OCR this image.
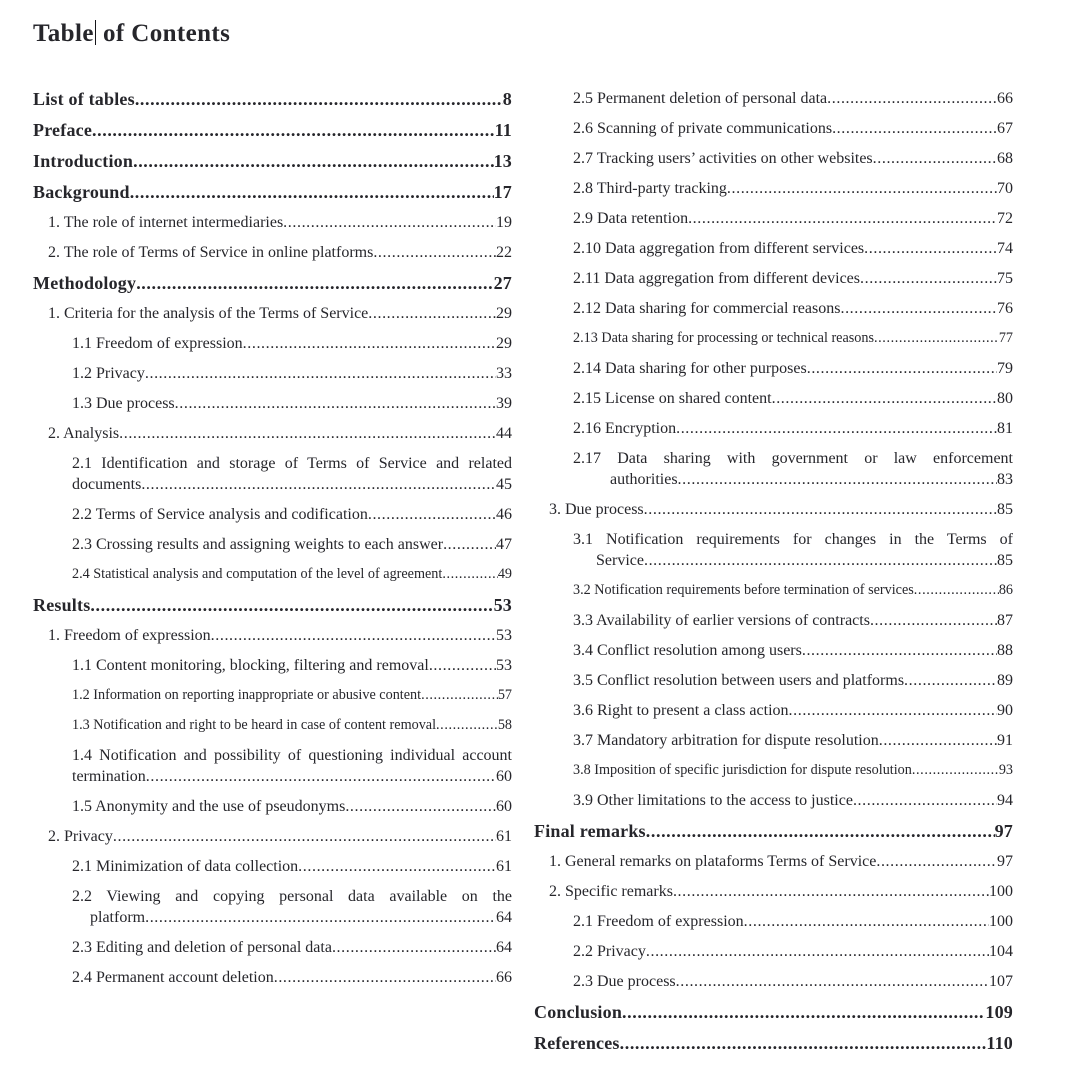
Table of Contents
List of tables .....	8
Preface .....	11
Introduction .....	13
Background .....	17
1. The role of internet intermediaries .....	19
2. The role of Terms of Service in online platforms .....	22
Methodology .....	27
1. Criteria for the analysis of the Terms of Service .....	29
1.1 Freedom of expression .....	29
1.2 Privacy .....	33
1.3 Due process .....	39
2. Analysis .....	44
2.1 Identification and storage of Terms of Service and related
documents .....	45
2.2 Terms of Service analysis and codification .....	46
2.3 Crossing results and assigning weights to each answer .....	47
2.4 Statistical analysis and computation of the level of agreement .....	49
Results .....	53
1. Freedom of expression .....	53
1.1 Content monitoring, blocking, filtering and removal .....	53
1.2 Information on reporting inappropriate or abusive content .....	57
1.3 Notification and right to be heard in case of content removal .....	58
1.4 Notification and possibility of questioning individual account
termination .....	60
1.5 Anonymity and the use of pseudonyms .....	60
2. Privacy .....	61
2.1 Minimization of data collection .....	61
2.2 Viewing and copying personal data available on the
platform .....	64
2.3 Editing and deletion of personal data .....	64
2.4 Permanent account deletion .....	66
2.5 Permanent deletion of personal data .....	66
2.6 Scanning of private communications .....	67
2.7 Tracking users’ activities on other websites .....	68
2.8 Third-party tracking .....	70
2.9 Data retention .....	72
2.10 Data aggregation from different services .....	74
2.11 Data aggregation from different devices .....	75
2.12 Data sharing for commercial reasons .....	76
2.13 Data sharing for processing or technical reasons .....	77
2.14 Data sharing for other purposes .....	79
2.15 License on shared content .....	80
2.16 Encryption .....	81
2.17 Data sharing with government or law enforcement
authorities .....	83
3. Due process .....	85
3.1 Notification requirements for changes in the Terms of
Service .....	85
3.2 Notification requirements before termination of services .....	86
3.3 Availability of earlier versions of contracts .....	87
3.4 Conflict resolution among users .....	88
3.5 Conflict resolution between users and platforms .....	89
3.6 Right to present a class action .....	90
3.7 Mandatory arbitration for dispute resolution .....	91
3.8 Imposition of specific jurisdiction for dispute resolution .....	93
3.9 Other limitations to the access to justice .....	94
Final remarks .....	97
1. General remarks on plataforms Terms of Service .....	97
2. Specific remarks .....	100
2.1 Freedom of expression .....	100
2.2 Privacy .....	104
2.3 Due process .....	107
Conclusion .....	109
References .....	110
